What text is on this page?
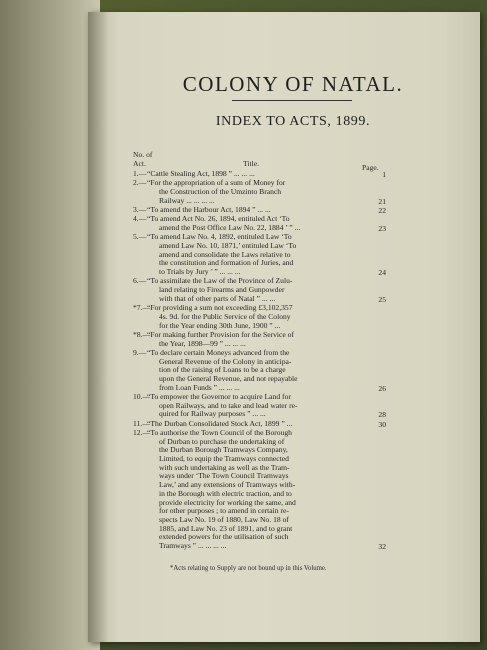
COLONY OF NATAL.
INDEX TO ACTS, 1899.
No. of
Act.	Title.	Page.
1.— “Cattle Stealing Act, 1898 ” ... ... ...	1
2.— “For the appropriation of a sum of Money for
the Construction of the Umzinto Branch
Railway ... ... ... ...	21
3.— “To amend the Harbour Act, 1894 ” ... ...	22
4.— “To amend Act No. 26, 1894, entituled Act ‘To
amend the Post Office Law No. 22, 1884 ’ ” ...	23
5.— “To amend Law No. 4, 1892, entituled Law ‘To
amend Law No. 10, 1871,’ entituled Law ‘To
amend and consolidate the Laws relative to
the constitution and formation of Juries, and
to Trials by Jury ’ ” ... ... ...	24
6.— “To assimilate the Law of the Province of Zulu-
land relating to Firearms and Gunpowder
with that of other parts of Natal ” ... ...	25
*7.—
“For providing a sum not exceeding £3,102,357
4s. 9d. for the Public Service of the Colony
for the Year ending 30th June, 1900 ” ...
*8.—
“For making further Provision for the Service of
the Year, 1898—99 ” ... ... ...
9.— “To declare certain Moneys advanced from the
General Revenue of the Colony in anticipa-
tion of the raising of Loans to be a charge
upon the General Revenue, and not repayable
from Loan Funds ” ... ... ...	26
10.—
“To empower the Governor to acquire Land for
open Railways, and to take and lead water re-
quired for Railway purposes ” ... ...	28
11.—
“The Durban Consolidated Stock Act, 1899 ” ...	30
12.—
“To authorise the Town Council of the Borough
of Durban to purchase the undertaking of
the Durban Borough Tramways Company,
Limited, to equip the Tramways connected
with such undertaking as well as the Tram-
ways under ‘The Town Council Tramways
Law,’ and any extensions of Tramways with-
in the Borough with electric traction, and to
provide electricity for working the same, and
for other purposes ; to amend in certain re-
spects Law No. 19 of 1880, Law No. 18 of
1885, and Law No. 23 of 1891, and to grant
extended powers for the utilisation of such
Tramways ” ... ... ... ...	32
*Acts relating to Supply are not bound up in this Volume.
